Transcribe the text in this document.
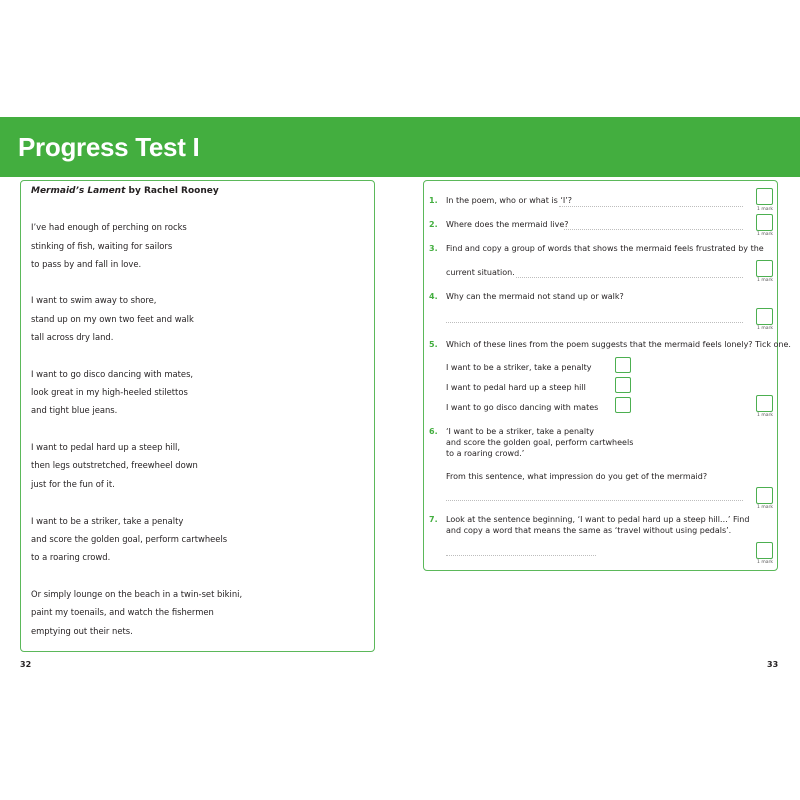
Progress Test I
Mermaid’s Lament by Rachel Rooney
I’ve had enough of perching on rocks
stinking of fish, waiting for sailors
to pass by and fall in love.
I want to swim away to shore,
stand up on my own two feet and walk
tall across dry land.
I want to go disco dancing with mates,
look great in my high-heeled stilettos
and tight blue jeans.
I want to pedal hard up a steep hill,
then legs outstretched, freewheel down
just for the fun of it.
I want to be a striker, take a penalty
and score the golden goal, perform cartwheels
to a roaring crowd.
Or simply lounge on the beach in a twin-set bikini,
paint my toenails, and watch the fishermen
emptying out their nets.
1. In the poem, who or what is ‘I’?
1 mark
2. Where does the mermaid live?
1 mark
3. Find and copy a group of words that shows the mermaid feels frustrated by the
current situation.
1 mark
4. Why can the mermaid not stand up or walk?
1 mark
5. Which of these lines from the poem suggests that the mermaid feels lonely? Tick one.
I want to be a striker, take a penalty
I want to pedal hard up a steep hill
I want to go disco dancing with mates
1 mark
6. ‘I want to be a striker, take a penalty
and score the golden goal, perform cartwheels
to a roaring crowd.’
From this sentence, what impression do you get of the mermaid?
1 mark
7. Look at the sentence beginning, ‘I want to pedal hard up a steep hill…’ Find
and copy a word that means the same as ‘travel without using pedals’.
1 mark
32	33
